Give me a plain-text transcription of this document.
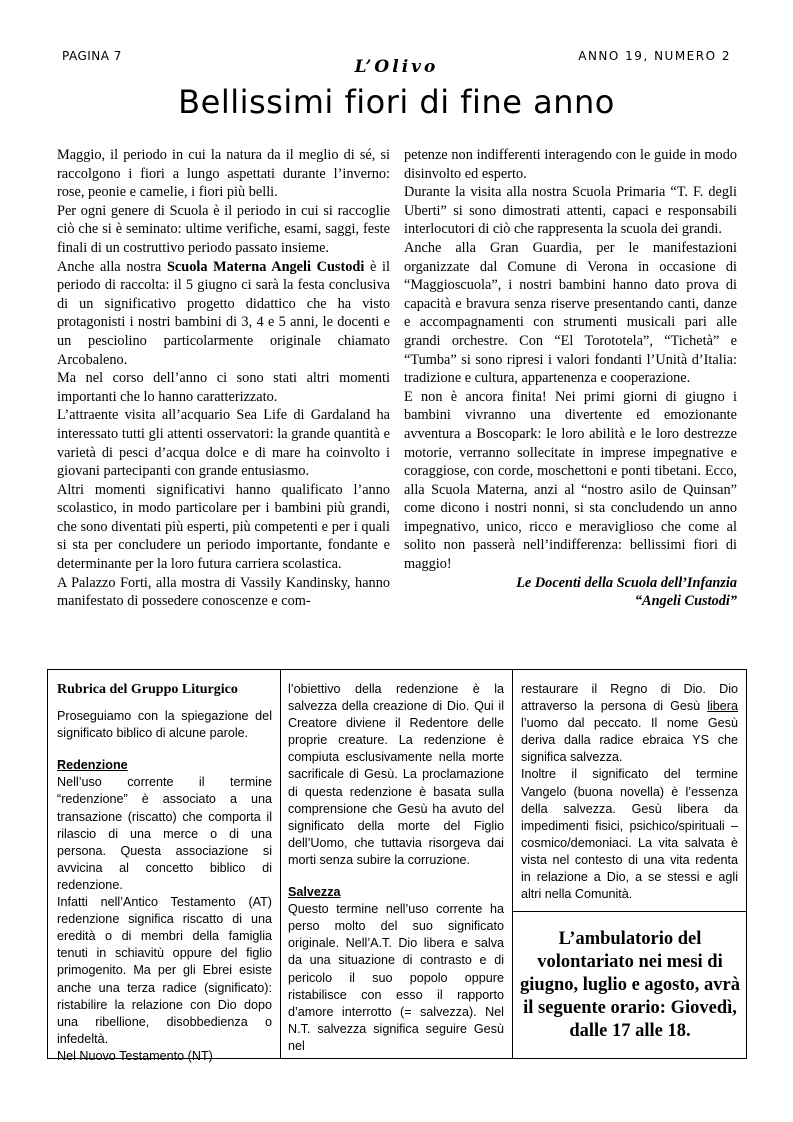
PAGINA 7	ANNO 19, NUMERO 2
L’Olivo
Bellissimi fiori di fine anno

Maggio, il periodo in cui la natura da il meglio di sé, si raccolgono i fiori a lungo aspettati durante l’inverno: rose, peonie e camelie, i fiori più belli.

Per ogni genere di Scuola è il periodo in cui si raccoglie ciò che si è seminato: ultime verifiche, esami, saggi, feste finali di un costruttivo periodo passato insieme.

Anche alla nostra Scuola Materna Angeli Custodi è il periodo di raccolta: il 5 giugno ci sarà la festa conclusiva di un significativo progetto didattico che ha visto protagonisti i nostri bambini di 3, 4 e 5 anni, le docenti e un pesciolino particolarmente originale chiamato Arcobaleno.

Ma nel corso dell’anno ci sono stati altri momenti importanti che lo hanno caratterizzato.

L’attraente visita all’acquario Sea Life di Gardaland ha interessato tutti gli attenti osservatori: la grande quantità e varietà di pesci d’acqua dolce e di mare ha coinvolto i giovani partecipanti con grande entusiasmo.

Altri momenti significativi hanno qualificato l’anno scolastico, in modo particolare per i bambini più grandi, che sono diventati più esperti, più competenti e per i quali si sta per concludere un periodo importante, fondante e determinante per la loro futura carriera scolastica.

A Palazzo Forti, alla mostra di Vassily Kandinsky, hanno manifestato di possedere conoscenze e com-

petenze non indifferenti interagendo con le guide in modo disinvolto ed esperto.

Durante la visita alla nostra Scuola Primaria “T. F. degli Uberti” si sono dimostrati attenti, capaci e responsabili interlocutori di ciò che rappresenta la scuola dei grandi.

Anche alla Gran Guardia, per le manifestazioni organizzate dal Comune di Verona in occasione di “Maggioscuola”, i nostri bambini hanno dato prova di capacità e bravura senza riserve presentando canti, danze e accompagnamenti con strumenti musicali pari alle grandi orchestre. Con “El Torototela”, “Tichetà” e “Tumba” si sono ripresi i valori fondanti l’Unità d’Italia: tradizione e cultura, appartenenza e cooperazione.

E non è ancora finita! Nei primi giorni di giugno i bambini vivranno una divertente ed emozionante avventura a Boscopark: le loro abilità e le loro destrezze motorie, verranno sollecitate in imprese impegnative e coraggiose, con corde, moschettoni e ponti tibetani. Ecco, alla Scuola Materna, anzi al “nostro asilo de Quinsan” come dicono i nostri nonni, si sta concludendo un anno impegnativo, unico, ricco e meraviglioso che come al solito non passerà nell’indifferenza: bellissimi fiori di maggio!

Le Docenti della Scuola dell’Infanzia

“Angeli Custodi”

Rubrica del Gruppo Liturgico

Proseguiamo con la spiegazione del significato biblico di alcune parole.

Redenzione

Nell’uso corrente il termine “redenzione” è associato a una transazione (riscatto) che comporta il rilascio di una merce o di una persona. Questa associazione si avvicina al concetto biblico di redenzione.

Infatti nell’Antico Testamento (AT) redenzione significa riscatto di una eredità o di membri della famiglia tenuti in schiavitù oppure del figlio primogenito. Ma per gli Ebrei esiste anche una terza radice (significato): ristabilire la relazione con Dio dopo una ribellione, disobbedienza o infedeltà.

Nel Nuovo Testamento (NT)

l’obiettivo della redenzione è la salvezza della creazione di Dio. Qui il Creatore diviene il Redentore delle proprie creature. La redenzione è compiuta esclusivamente nella morte sacrificale di Gesù. La proclamazione di questa redenzione è basata sulla comprensione che Gesù ha avuto del significato della morte del Figlio dell’Uomo, che tuttavia risorgeva dai morti senza subire la corruzione.

Salvezza

Questo termine nell’uso corrente ha perso molto del suo significato originale. Nell’A.T. Dio libera e salva da una situazione di contrasto e di pericolo il suo popolo oppure ristabilisce con esso il rapporto d’amore interrotto (= salvezza). Nel N.T. salvezza significa seguire Gesù nel

restaurare il Regno di Dio. Dio attraverso la persona di Gesù libera l’uomo dal peccato. Il nome Gesù deriva dalla radice ebraica YS che significa salvezza.

Inoltre il significato del termine Vangelo (buona novella) è l’essenza della salvezza. Gesù libera da impedimenti fisici, psichico/spirituali – cosmico/demoniaci. La vita salvata è vista nel contesto di una vita redenta in relazione a Dio, a se stessi e agli altri nella Comunità.

L’ambulatorio del volontariato nei mesi di giugno, luglio e agosto, avrà il seguente orario: Giovedì, dalle 17 alle 18.
